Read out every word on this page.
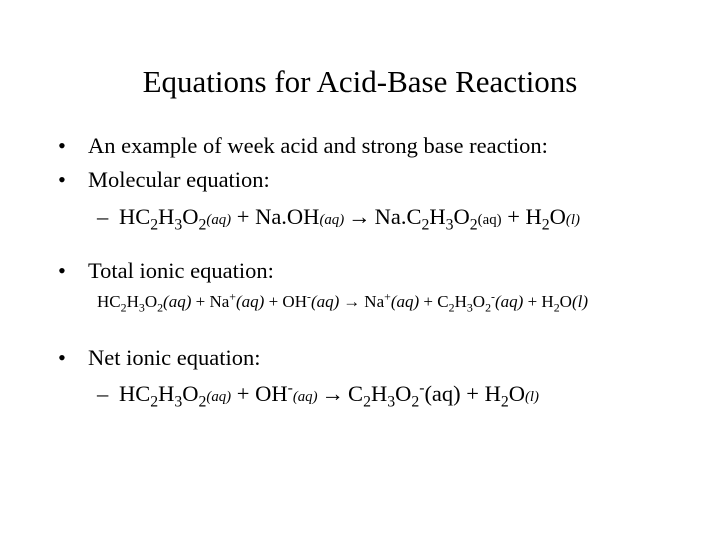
Equations for Acid-Base Reactions
• An example of week acid and strong base reaction:
• Molecular equation:
– $HC_2H_3O_2(aq) + Na.OH(aq) \to Na.C_2H_3O_2(aq) + H_2O(l)$
• Total ionic equation:
$HC_2H_3O_2(aq) + Na^+(aq) + OH^-(aq) \to Na^+(aq) + C_2H_3O_2^-(aq) + H_2O(l)$
• Net ionic equation:
– $HC_2H_3O_2(aq) + OH^-(aq) \to C_2H_3O_2^-(aq) + H_2O(l)$
